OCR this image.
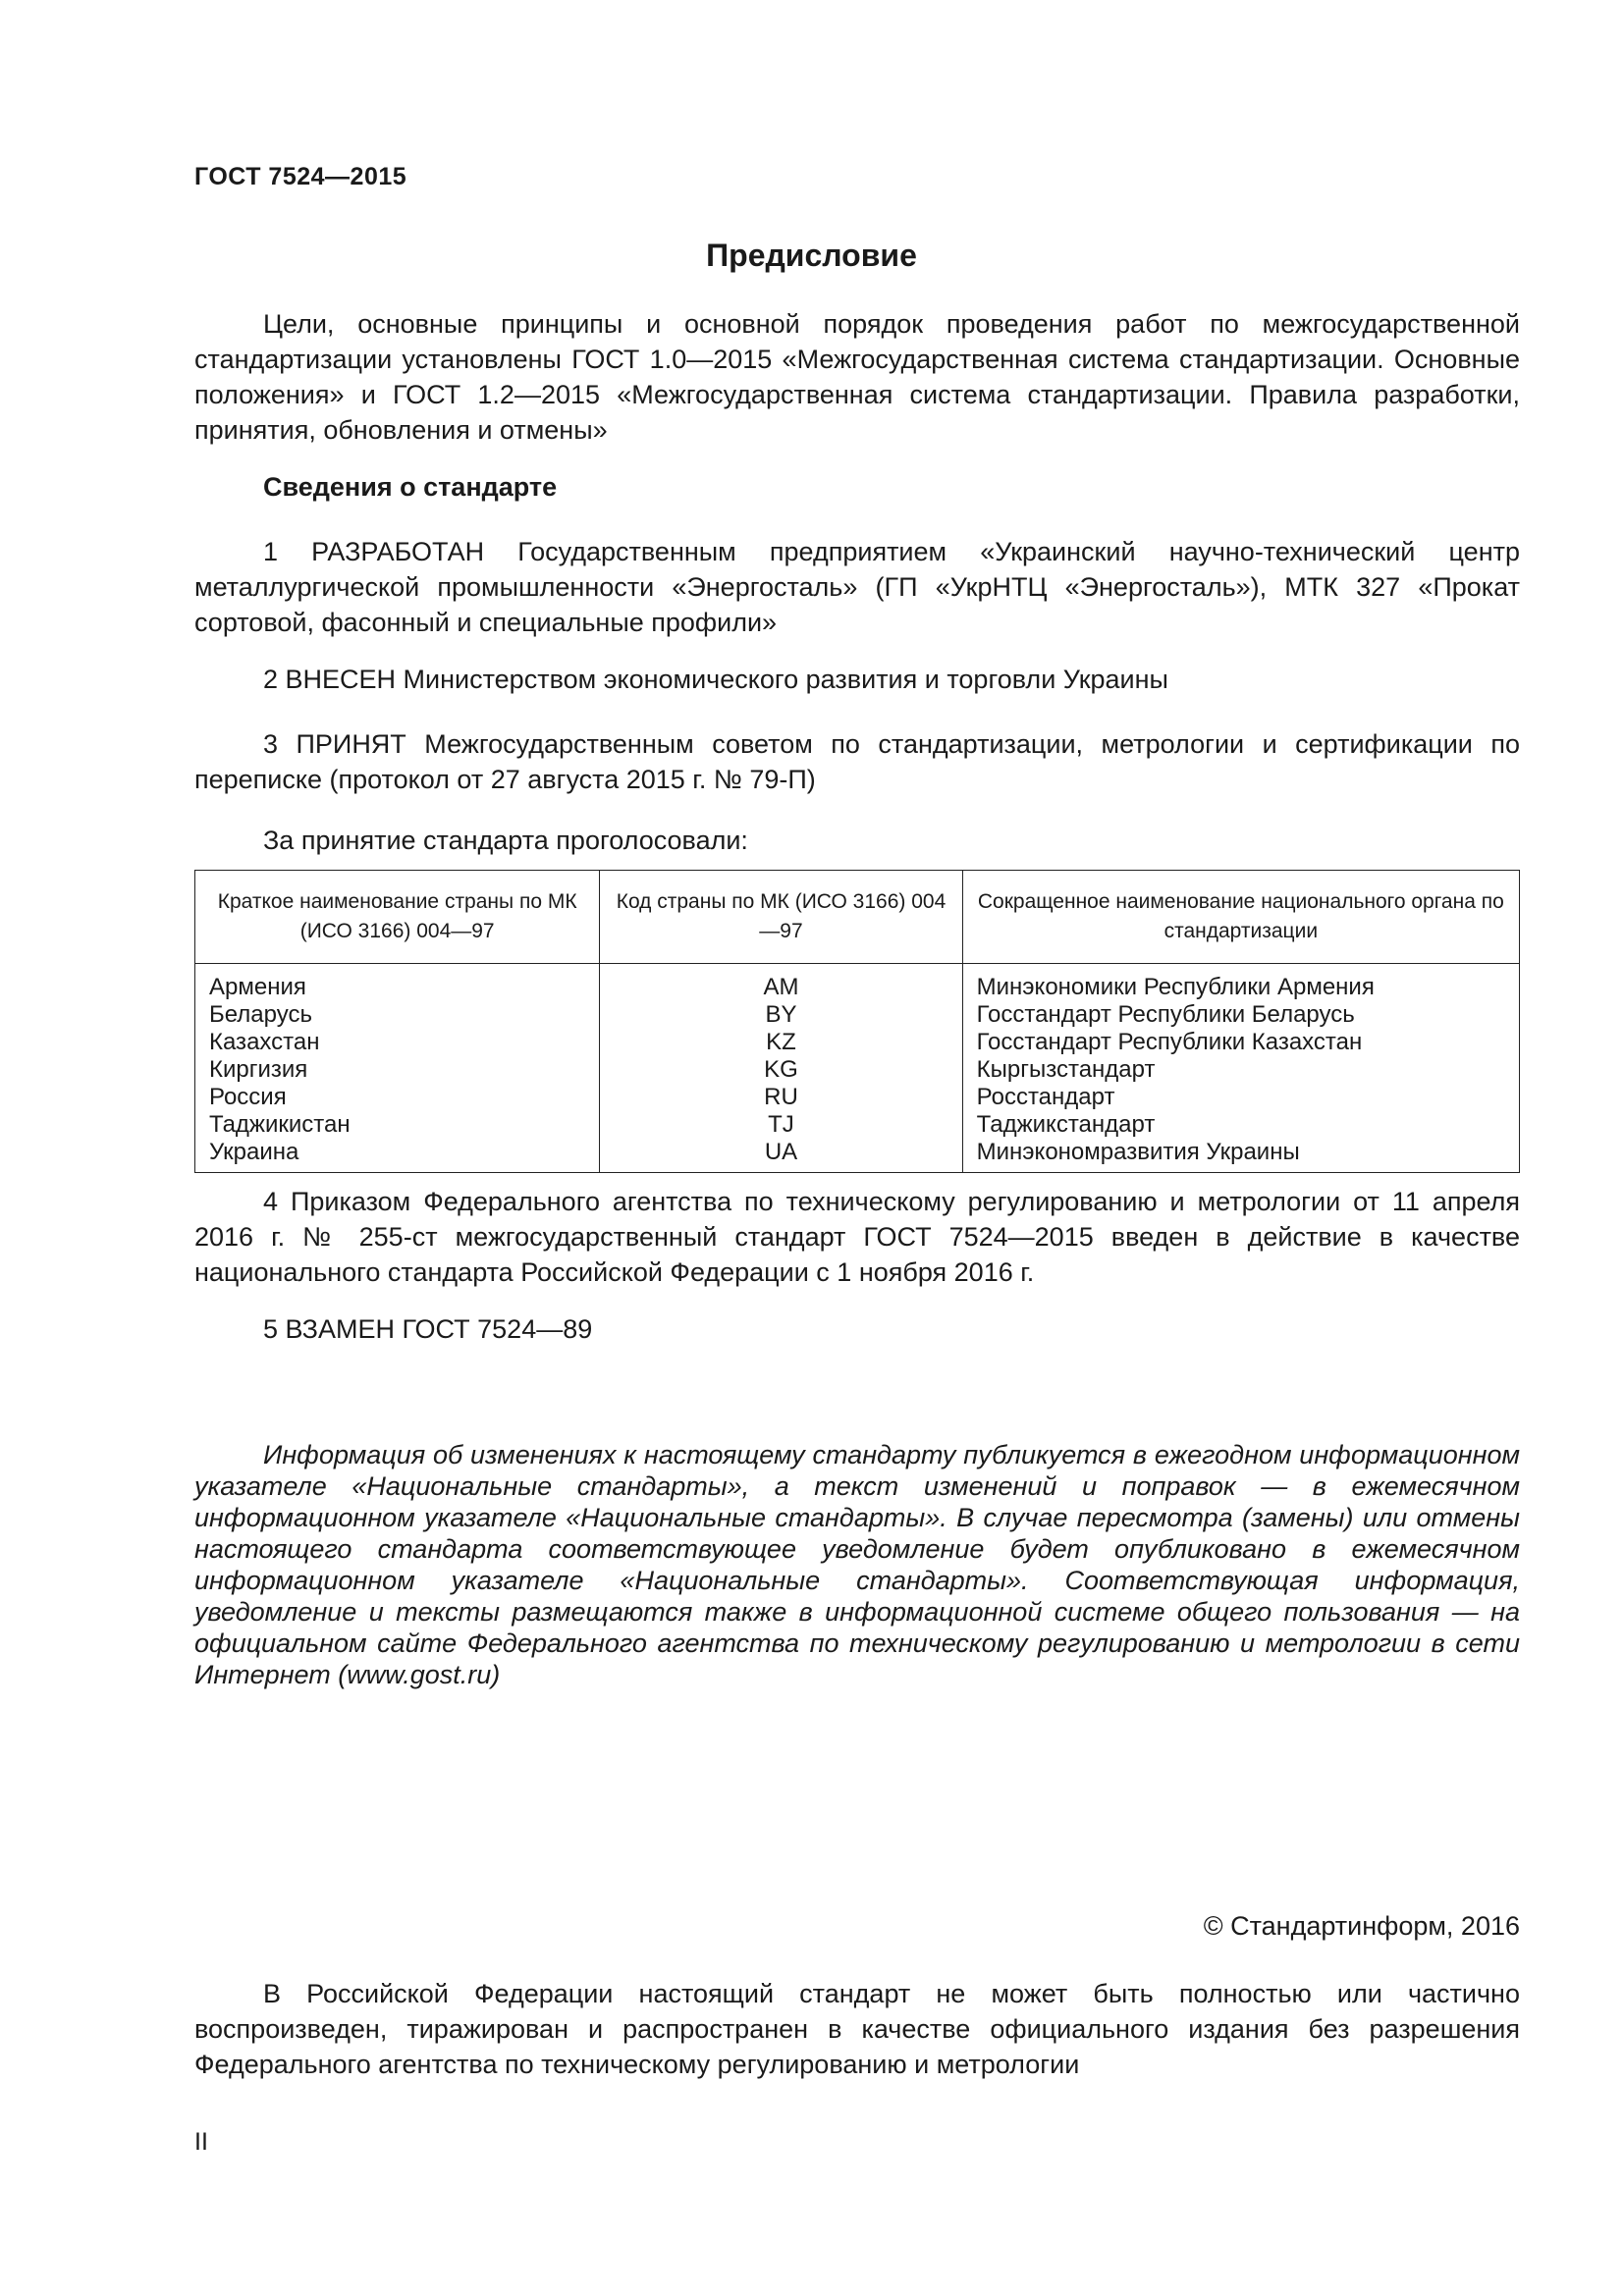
ГОСТ 7524—2015
Предисловие
Цели, основные принципы и основной порядок проведения работ по межгосударственной стандартизации установлены ГОСТ 1.0—2015 «Межгосударственная система стандартизации. Основные положения» и ГОСТ 1.2—2015 «Межгосударственная система стандартизации. Правила разработки, принятия, обновления и отмены»
Сведения о стандарте
1 РАЗРАБОТАН Государственным предприятием «Украинский научно-технический центр металлургической промышленности «Энергосталь» (ГП «УкрНТЦ «Энергосталь»), МТК 327 «Прокат сортовой, фасонный и специальные профили»
2 ВНЕСЕН Министерством экономического развития и торговли Украины
3 ПРИНЯТ Межгосударственным советом по стандартизации, метрологии и сертификации по переписке (протокол от 27 августа 2015 г. № 79-П)
За принятие стандарта проголосовали:
Краткое наименование страны по МК (ИСО 3166) 004—97	Код страны по МК (ИСО 3166) 004—97	Сокращенное наименование национального органа по стандартизации
Армения	AM	Минэкономики Республики Армения
Беларусь	BY	Госстандарт Республики Беларусь
Казахстан	KZ	Госстандарт Республики Казахстан
Киргизия	KG	Кыргызстандарт
Россия	RU	Росстандарт
Таджикистан	TJ	Таджикстандарт
Украина	UA	Минэкономразвития Украины
4 Приказом Федерального агентства по техническому регулированию и метрологии от 11 апреля 2016 г. № 255-ст межгосударственный стандарт ГОСТ 7524—2015 введен в действие в качестве национального стандарта Российской Федерации с 1 ноября 2016 г.
5 ВЗАМЕН ГОСТ 7524—89
Информация об изменениях к настоящему стандарту публикуется в ежегодном информационном указателе «Национальные стандарты», а текст изменений и поправок — в ежемесячном информационном указателе «Национальные стандарты». В случае пересмотра (замены) или отмены настоящего стандарта соответствующее уведомление будет опубликовано в ежемесячном информационном указателе «Национальные стандарты». Соответствующая информация, уведомление и тексты размещаются также в информационной системе общего пользования — на официальном сайте Федерального агентства по техническому регулированию и метрологии в сети Интернет (www.gost.ru)
© Стандартинформ, 2016
В Российской Федерации настоящий стандарт не может быть полностью или частично воспроизведен, тиражирован и распространен в качестве официального издания без разрешения Федерального агентства по техническому регулированию и метрологии
II
